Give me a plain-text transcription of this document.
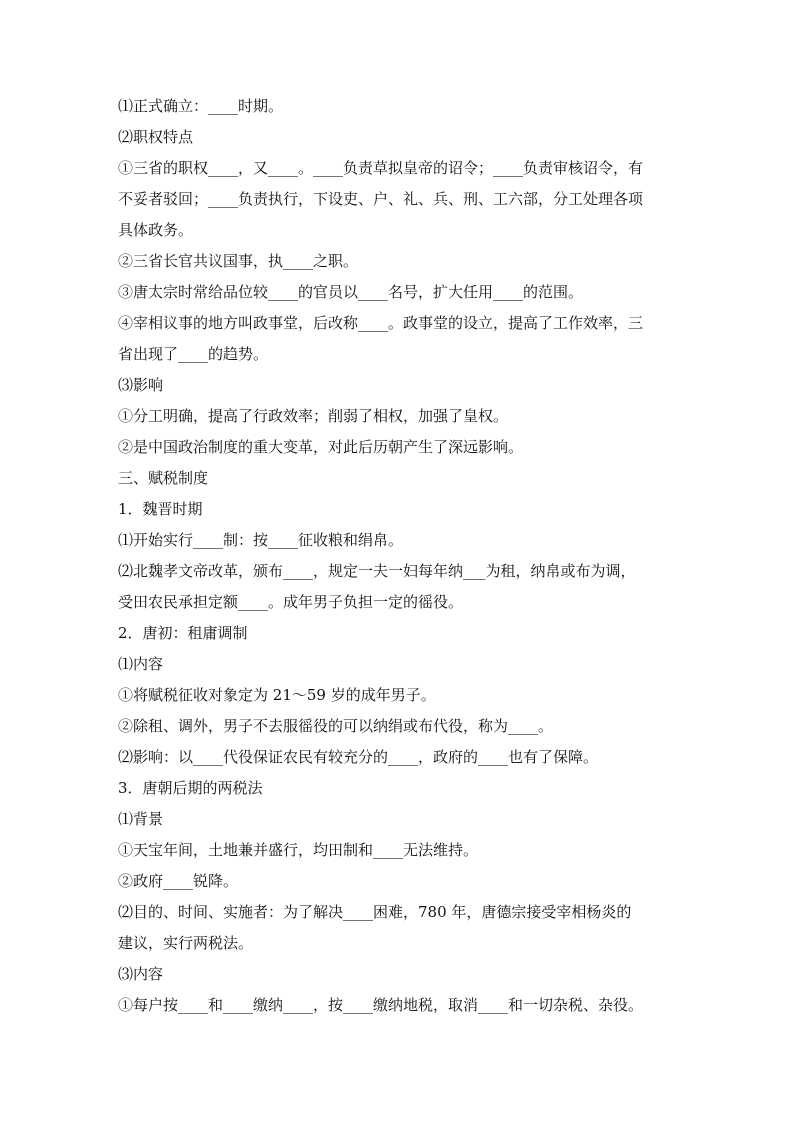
⑴正式确立：____时期。
⑵职权特点
①三省的职权____，又____。____负责草拟皇帝的诏令；____负责审核诏令，有
不妥者驳回；____负责执行，下设吏、户、礼、兵、刑、工六部，分工处理各项
具体政务。
②三省长官共议国事，执____之职。
③唐太宗时常给品位较____的官员以____名号，扩大任用____的范围。
④宰相议事的地方叫政事堂，后改称____。政事堂的设立，提高了工作效率，三
省出现了____的趋势。
⑶影响
①分工明确，提高了行政效率；削弱了相权，加强了皇权。
②是中国政治制度的重大变革，对此后历朝产生了深远影响。
三、赋税制度
1．魏晋时期
⑴开始实行____制：按____征收粮和绢帛。
⑵北魏孝文帝改革，颁布____，规定一夫一妇每年纳___为租，纳帛或布为调，
受田农民承担定额____。成年男子负担一定的徭役。
2．唐初：租庸调制
⑴内容
①将赋税征收对象定为 21～59 岁的成年男子。
②除租、调外，男子不去服徭役的可以纳绢或布代役，称为____。
⑵影响：以____代役保证农民有较充分的____，政府的____也有了保障。
3．唐朝后期的两税法
⑴背景
①天宝年间，土地兼并盛行，均田制和____无法维持。
②政府____锐降。
⑵目的、时间、实施者：为了解决____困难，780 年，唐德宗接受宰相杨炎的
建议，实行两税法。
⑶内容
①每户按____和____缴纳____，按____缴纳地税，取消____和一切杂税、杂役。
